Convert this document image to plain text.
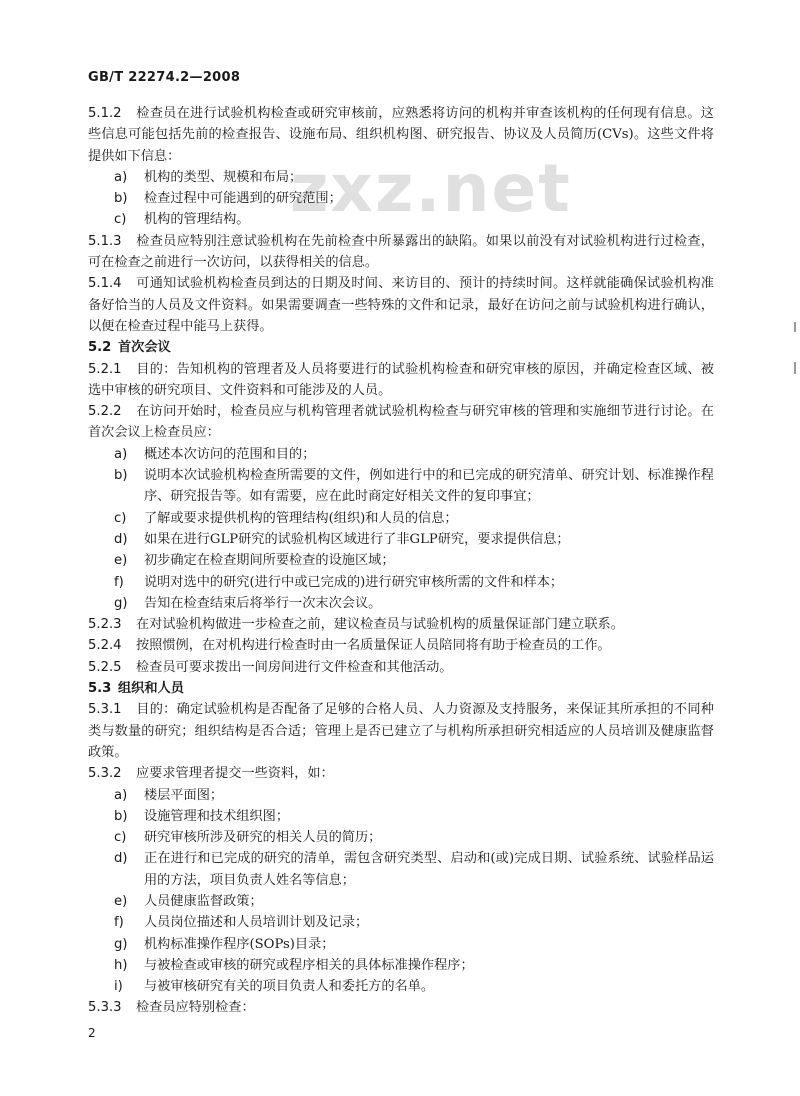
GB/T 22274.2—2008
zxz.net

5.1.2 检查员在进行试验机构检查或研究审核前，应熟悉将访问的机构并审查该机构的任何现有信息。这些信息可能包括先前的检查报告、设施布局、组织机构图、研究报告、协议及人员简历(CVs)。这些文件将提供如下信息：

a)	机构的类型、规模和布局；
b)	检查过程中可能遇到的研究范围；
c)	机构的管理结构。

5.1.3 检查员应特别注意试验机构在先前检查中所暴露出的缺陷。如果以前没有对试验机构进行过检查，可在检查之前进行一次访问，以获得相关的信息。

5.1.4 可通知试验机构检查员到达的日期及时间、来访目的、预计的持续时间。这样就能确保试验机构准备好恰当的人员及文件资料。如果需要调查一些特殊的文件和记录，最好在访问之前与试验机构进行确认，以便在检查过程中能马上获得。

5.2 首次会议

5.2.1 目的：告知机构的管理者及人员将要进行的试验机构检查和研究审核的原因，并确定检查区域、被选中审核的研究项目、文件资料和可能涉及的人员。

5.2.2 在访问开始时，检查员应与机构管理者就试验机构检查与研究审核的管理和实施细节进行讨论。在首次会议上检查员应：

a)	概述本次访问的范围和目的；
b)	说明本次试验机构检查所需要的文件，例如进行中的和已完成的研究清单、研究计划、标准操作程序、研究报告等。如有需要，应在此时商定好相关文件的复印事宜；
c)	了解或要求提供机构的管理结构(组织)和人员的信息；
d)	如果在进行GLP研究的试验机构区域进行了非GLP研究，要求提供信息；
e)	初步确定在检查期间所要检查的设施区域；
f)	说明对选中的研究(进行中或已完成的)进行研究审核所需的文件和样本；
g)	告知在检查结束后将举行一次末次会议。

5.2.3 在对试验机构做进一步检查之前，建议检查员与试验机构的质量保证部门建立联系。

5.2.4 按照惯例，在对机构进行检查时由一名质量保证人员陪同将有助于检查员的工作。

5.2.5 检查员可要求拨出一间房间进行文件检查和其他活动。

5.3 组织和人员

5.3.1 目的：确定试验机构是否配备了足够的合格人员、人力资源及支持服务，来保证其所承担的不同种类与数量的研究；组织结构是否合适；管理上是否已建立了与机构所承担研究相适应的人员培训及健康监督政策。

5.3.2 应要求管理者提交一些资料，如：

a)	楼层平面图；
b)	设施管理和技术组织图；
c)	研究审核所涉及研究的相关人员的简历；
d)	正在进行和已完成的研究的清单，需包含研究类型、启动和(或)完成日期、试验系统、试验样品运用的方法，项目负责人姓名等信息；
e)	人员健康监督政策；
f)	人员岗位描述和人员培训计划及记录；
g)	机构标准操作程序(SOPs)目录；
h)	与被检查或审核的研究或程序相关的具体标准操作程序；
i)	与被审核研究有关的项目负责人和委托方的名单。

5.3.3 检查员应特别检查：

2
